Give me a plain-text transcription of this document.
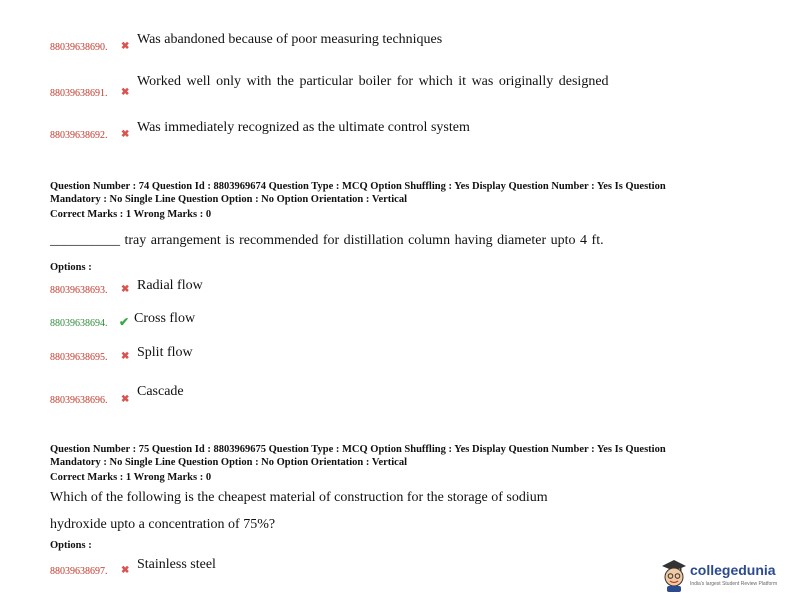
88039638690. ✖ Was abandoned because of poor measuring techniques
88039638691. ✖
Worked well only with the particular boiler for which it was originally designed
88039638692. ✖ Was immediately recognized as the ultimate control system
Question Number : 74 Question Id : 8803969674 Question Type : MCQ Option Shuffling : Yes Display Question Number : Yes Is Question
Mandatory : No Single Line Question Option : No Option Orientation : Vertical
Correct Marks : 1 Wrong Marks : 0
__________ tray arrangement is recommended for distillation column having diameter upto 4 ft.
Options :
88039638693. ✖ Radial flow
88039638694. ✔ Cross flow
88039638695. ✖ Split flow
88039638696. ✖
Cascade
Question Number : 75 Question Id : 8803969675 Question Type : MCQ Option Shuffling : Yes Display Question Number : Yes Is Question
Mandatory : No Single Line Question Option : No Option Orientation : Vertical
Correct Marks : 1 Wrong Marks : 0
Which of the following is the cheapest material of construction for the storage of sodium
hydroxide upto a concentration of 75%?
Options :
88039638697. ✖ Stainless steel	collegedunia
India's largest Student Review Platform
